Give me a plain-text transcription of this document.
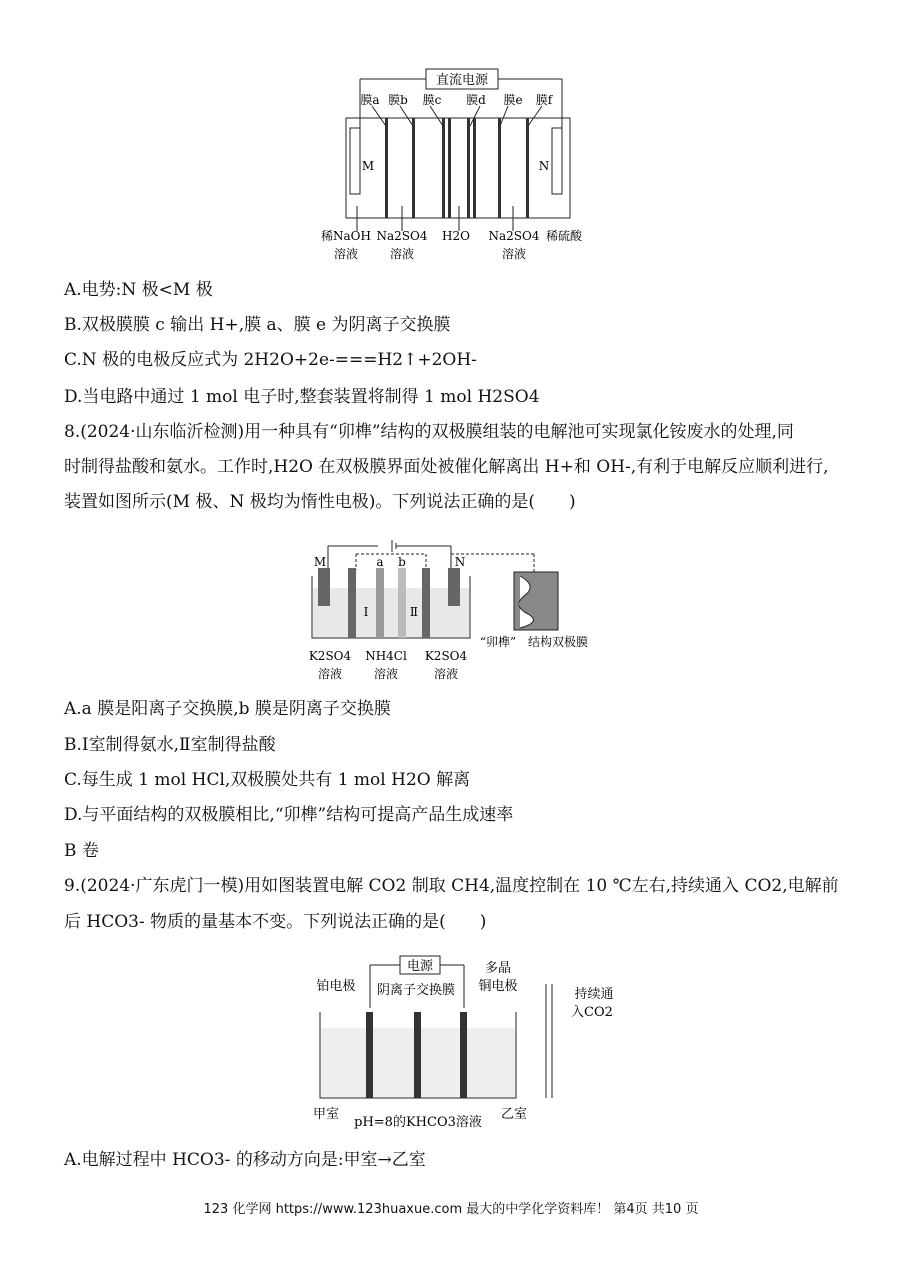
直流电源
膜a 膜b 膜c 膜d 膜e 膜f
M	N
稀NaOH Na2SO4 H2O Na2SO4 稀硫酸
溶液	溶液	溶液
A.电势:N 极<M 极
B.双极膜膜 c 输出 H+,膜 a、膜 e 为阴离子交换膜
C.N 极的电极反应式为 2H2O+2e-===H2↑+2OH-
D.当电路中通过 1 mol 电子时,整套装置将制得 1 mol H2SO4
8.(2024·山东临沂检测)用一种具有“卯榫”结构的双极膜组装的电解池可实现氯化铵废水的处理,同
时制得盐酸和氨水。工作时,H2O 在双极膜界面处被催化解离出 H+和 OH-,有利于电解反应顺利进行,
装置如图所示(M 极、N 极均为惰性电极)。下列说法正确的是(　　)
M	N
a b
Ⅰ	Ⅱ
K2SO4 NH4Cl K2SO4
溶液	溶液	溶液
“卯榫” 结构双极膜
A.a 膜是阳离子交换膜,b 膜是阴离子交换膜
B.Ⅰ室制得氨水,Ⅱ室制得盐酸
C.每生成 1 mol HCl,双极膜处共有 1 mol H2O 解离
D.与平面结构的双极膜相比,“卯榫”结构可提高产品生成速率
B 卷
9.(2024·广东虎门一模)用如图装置电解 CO2 制取 CH4,温度控制在 10 ℃左右,持续通入 CO2,电解前
后 HCO3- 物质的量基本不变。下列说法正确的是(　　)
电源
铂电极 阴离子交换膜
多晶
铜电极
持续通
入CO2
甲室	乙室
pH=8的KHCO3溶液
A.电解过程中 HCO3- 的移动方向是:甲室→乙室
123 化学网 https://www.123huaxue.com 最大的中学化学资料库！ 第4页 共10 页
